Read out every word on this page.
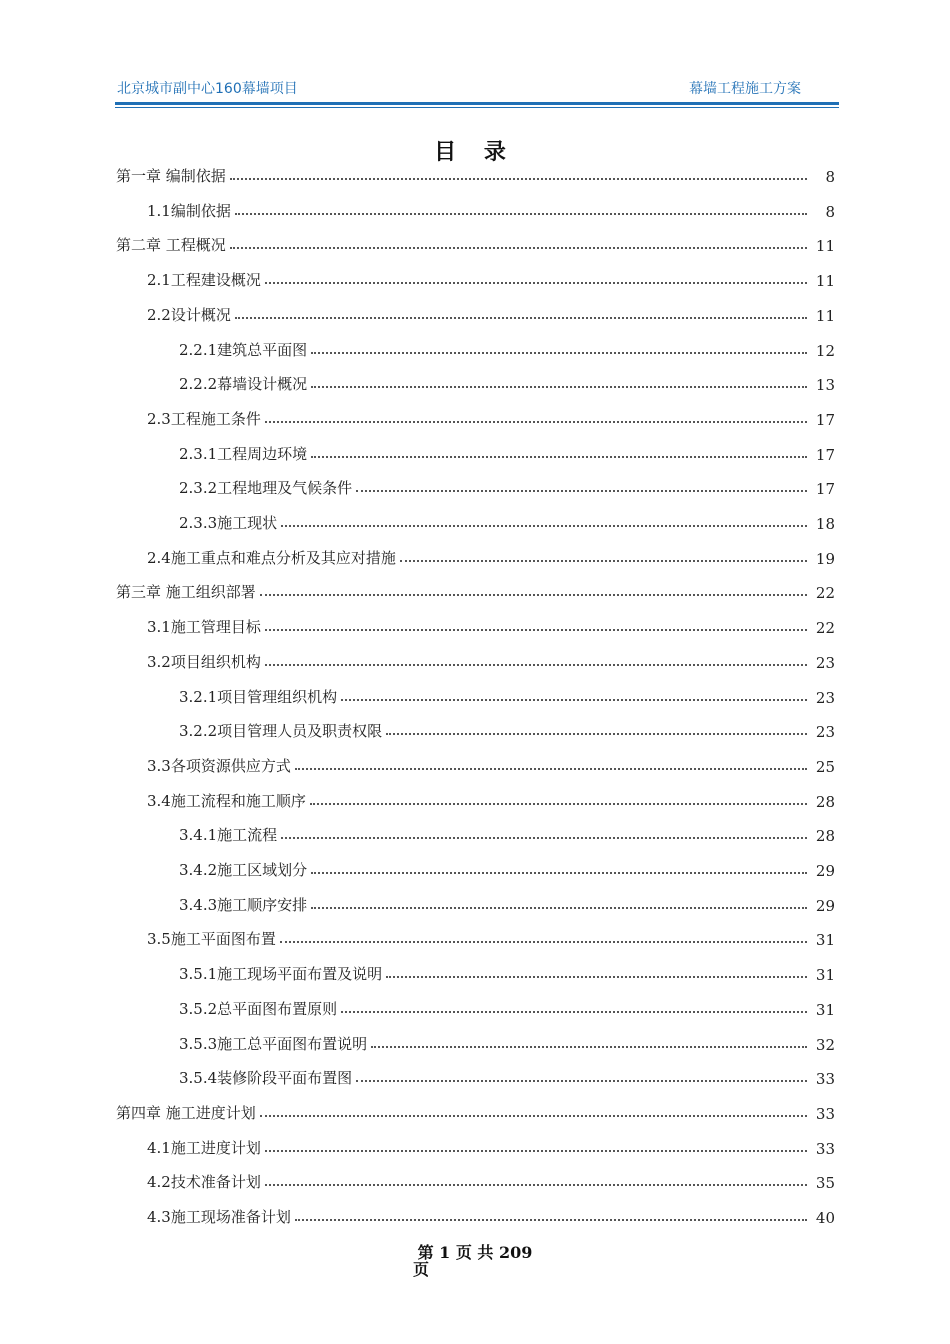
北京城市副中心160幕墙项目	幕墙工程施工方案
目 录
第一章 编制依据	8
1.1编制依据	8
第二章 工程概况	11
2.1工程建设概况	11
2.2设计概况	11
2.2.1建筑总平面图	12
2.2.2幕墙设计概况	13
2.3工程施工条件	17
2.3.1工程周边环境	17
2.3.2工程地理及气候条件	17
2.3.3施工现状	18
2.4施工重点和难点分析及其应对措施	19
第三章 施工组织部署	22
3.1施工管理目标	22
3.2项目组织机构	23
3.2.1项目管理组织机构	23
3.2.2项目管理人员及职责权限	23
3.3各项资源供应方式	25
3.4施工流程和施工顺序	28
3.4.1施工流程	28
3.4.2施工区域划分	29
3.4.3施工顺序安排	29
3.5施工平面图布置	31
3.5.1施工现场平面布置及说明	31
3.5.2总平面图布置原则	31
3.5.3施工总平面图布置说明	32
3.5.4装修阶段平面布置图	33
第四章 施工进度计划	33
4.1施工进度计划	33
4.2技术准备计划	35
4.3施工现场准备计划	40
第 1 页 共 209
页
